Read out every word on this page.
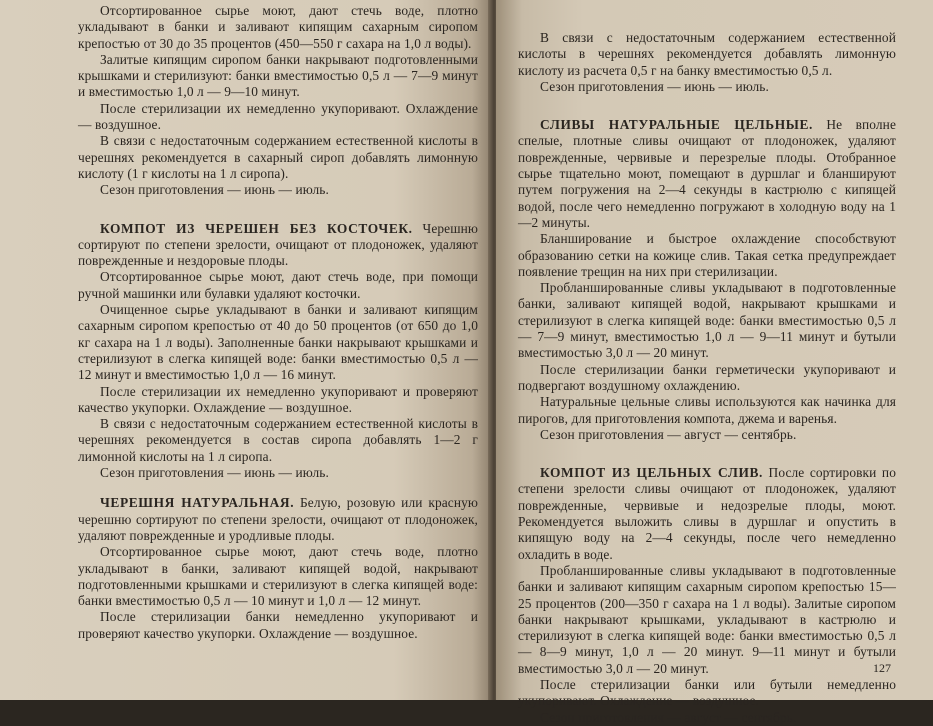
Отсортированное сырье моют, дают стечь воде, плотно укладывают в банки и заливают кипящим сахарным сиропом крепостью от 30 до 35 процентов (450—550 г сахара на 1,0 л воды).

Залитые кипящим сиропом банки накрывают подготовленными крышками и стерилизуют: банки вместимостью 0,5 л — 7—9 минут и вместимостью 1,0 л — 9—10 минут.

После стерилизации их немедленно укупоривают. Охлаждение — воздушное.

В связи с недостаточным содержанием естественной кислоты в черешнях рекомендуется в сахарный сироп добавлять лимонную кислоту (1 г кислоты на 1 л сиропа).

Сезон приготовления — июнь — июль.

КОМПОТ ИЗ ЧЕРЕШЕН БЕЗ КОСТОЧЕК. Черешню сортируют по степени зрелости, очищают от плодоножек, удаляют поврежденные и нездоровые плоды.

Отсортированное сырье моют, дают стечь воде, при помощи ручной машинки или булавки удаляют косточки.

Очищенное сырье укладывают в банки и заливают кипящим сахарным сиропом крепостью от 40 до 50 процентов (от 650 до 1,0 кг сахара на 1 л воды). Заполненные банки накрывают крышками и стерилизуют в слегка кипящей воде: банки вместимостью 0,5 л — 12 минут и вместимостью 1,0 л — 16 минут.

После стерилизации их немедленно укупоривают и проверяют качество укупорки. Охлаждение — воздушное.

В связи с недостаточным содержанием естественной кислоты в черешнях рекомендуется в состав сиропа добавлять 1—2 г лимонной кислоты на 1 л сиропа.

Сезон приготовления — июнь — июль.

ЧЕРЕШНЯ НАТУРАЛЬНАЯ. Белую, розовую или красную черешню сортируют по степени зрелости, очищают от плодоножек, удаляют поврежденные и уродливые плоды.

Отсортированное сырье моют, дают стечь воде, плотно укладывают в банки, заливают кипящей водой, накрывают подготовленными крышками и стерилизуют в слегка кипящей воде: банки вместимостью 0,5 л — 10 минут и 1,0 л — 12 минут.

После стерилизации банки немедленно укупоривают и проверяют качество укупорки. Охлаждение — воздушное.

В связи с недостаточным содержанием естественной кислоты в черешнях рекомендуется добавлять лимонную кислоту из расчета 0,5 г на банку вместимостью 0,5 л.

Сезон приготовления — июнь — июль.

СЛИВЫ НАТУРАЛЬНЫЕ ЦЕЛЬНЫЕ. Не вполне спелые, плотные сливы очищают от плодоножек, удаляют поврежденные, червивые и перезрелые плоды. Отобранное сырье тщательно моют, помещают в дуршлаг и бланшируют путем погружения на 2—4 секунды в кастрюлю с кипящей водой, после чего немедленно погружают в холодную воду на 1—2 минуты.

Бланширование и быстрое охлаждение способствуют образованию сетки на кожице слив. Такая сетка предупреждает появление трещин на них при стерилизации.

Пробланшированные сливы укладывают в подготовленные банки, заливают кипящей водой, накрывают крышками и стерилизуют в слегка кипящей воде: банки вместимостью 0,5 л — 7—9 минут, вместимостью 1,0 л — 9—11 минут и бутыли вместимостью 3,0 л — 20 минут.

После стерилизации банки герметически укупоривают и подвергают воздушному охлаждению.

Натуральные цельные сливы используются как начинка для пирогов, для приготовления компота, джема и варенья.

Сезон приготовления — август — сентябрь.

КОМПОТ ИЗ ЦЕЛЬНЫХ СЛИВ. После сортировки по степени зрелости сливы очищают от плодоножек, удаляют поврежденные, червивые и недозрелые плоды, моют. Рекомендуется выложить сливы в дуршлаг и опустить в кипящую воду на 2—4 секунды, после чего немедленно охладить в воде.

Пробланшированные сливы укладывают в подготовленные банки и заливают кипящим сахарным сиропом крепостью 15—25 процентов (200—350 г сахара на 1 л воды). Залитые сиропом банки накрывают крышками, укладывают в кастрюлю и стерилизуют в слегка кипящей воде: банки вместимостью 0,5 л — 8—9 минут, 1,0 л — 20 минут. 9—11 минут и бутыли вместимостью 3,0 л — 20 минут.

После стерилизации банки или бутыли немедленно укупоривают. Охлаждение — воздушное.

Сезон приготовления — август — сентябрь.

127
